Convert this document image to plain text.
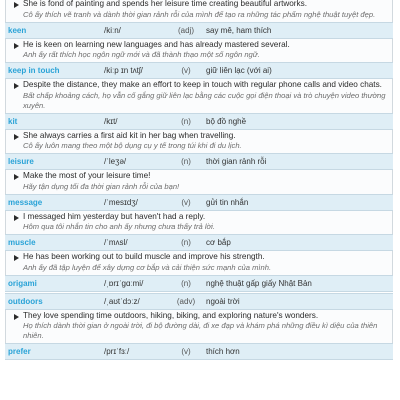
She is fond of painting and spends her leisure time creating beautiful artworks.
Cô ấy thích vẽ tranh và dành thời gian rảnh rỗi của mình để tạo ra những tác phẩm nghệ thuật tuyệt đẹp.
keen	/kiːn/	(adj)	say mê, ham thích
He is keen on learning new languages and has already mastered several.
Anh ấy rất thích học ngôn ngữ mới và đã thành thạo một số ngôn ngữ.
keep in touch	/kiːp ɪn tʌtʃ/	(v)	giữ liên lạc (với ai)
Despite the distance, they make an effort to keep in touch with regular phone calls and video chats.
Bất chấp khoảng cách, họ vẫn cố gắng giữ liên lạc bằng các cuộc gọi điện thoại và trò chuyện video thường xuyên.
kit	/kɪt/	(n)	bộ đồ nghề
She always carries a first aid kit in her bag when travelling.
Cô ấy luôn mang theo một bộ dụng cụ y tế trong túi khi đi du lịch.
leisure	/ˈleʒə/	(n)	thời gian rảnh rỗi
Make the most of your leisure time!
Hãy tận dụng tối đa thời gian rảnh rỗi của bạn!
message	/ˈmesɪdʒ/	(v)	gửi tin nhắn
I messaged him yesterday but haven't had a reply.
Hôm qua tôi nhắn tin cho anh ấy nhưng chưa thấy trả lời.
muscle	/ˈmʌsl/	(n)	cơ bắp
He has been working out to build muscle and improve his strength.
Anh ấy đã tập luyện để xây dựng cơ bắp và cải thiện sức mạnh của mình.
origami	/ˌɒrɪˈɡɑːmi/	(n)	nghệ thuật gấp giấy Nhật Bản
outdoors	/ˌaʊtˈdɔːz/	(adv)	ngoài trời
They love spending time outdoors, hiking, biking, and exploring nature's wonders.
Họ thích dành thời gian ở ngoài trời, đi bộ đường dài, đi xe đạp và khám phá những điều kì diệu của thiên nhiên.
prefer	/prɪˈfɜː/	(v)	thích hơn
